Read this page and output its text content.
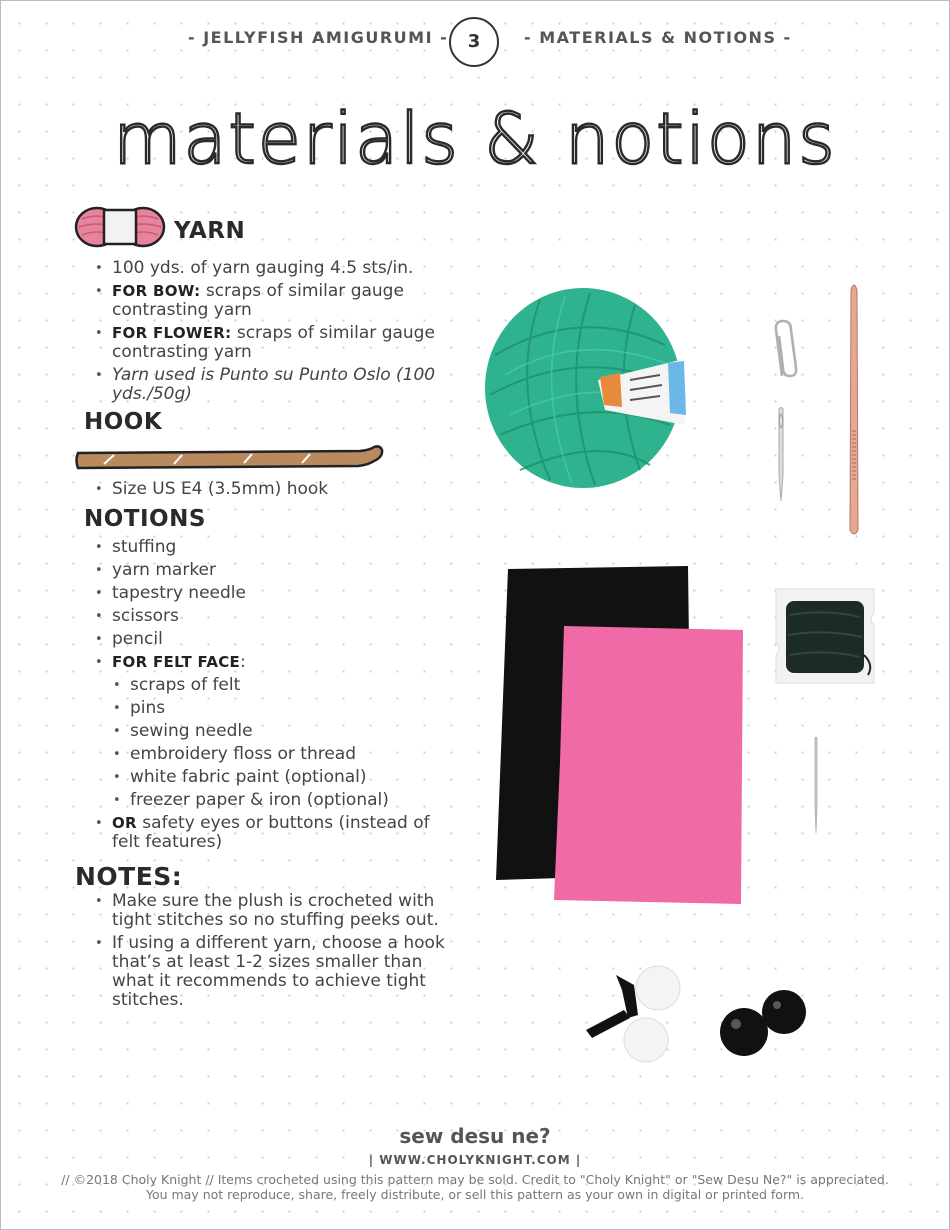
- JELLYFISH AMIGURUMI -	3	- MATERIALS & NOTIONS -
materials & notions
YARN
• 100 yds. of yarn gauging 4.5 sts/in.
• FOR BOW: scraps of similar gauge contrasting yarn
• FOR FLOWER: scraps of similar gauge contrasting yarn
• Yarn used is Punto su Punto Oslo (100 yds./50g)
HOOK
• Size US E4 (3.5mm) hook
NOTIONS
• stuffing
• yarn marker
• tapestry needle
• scissors
• pencil
• FOR FELT FACE:
• scraps of felt
• pins
• sewing needle
• embroidery floss or thread
• white fabric paint (optional)
• freezer paper & iron (optional)
• OR safety eyes or buttons (instead of felt features)
NOTES:
• Make sure the plush is crocheted with tight stitches so no stuffing peeks out.
• If using a different yarn, choose a hook that’s at least 1-2 sizes smaller than what it recommends to achieve tight stitches.
sew desu ne?
| WWW.CHOLYKNIGHT.COM |
// ©2018 Choly Knight // Items crocheted using this pattern may be sold. Credit to "Choly Knight" or "Sew Desu Ne?" is appreciated.
You may not reproduce, share, freely distribute, or sell this pattern as your own in digital or printed form.
